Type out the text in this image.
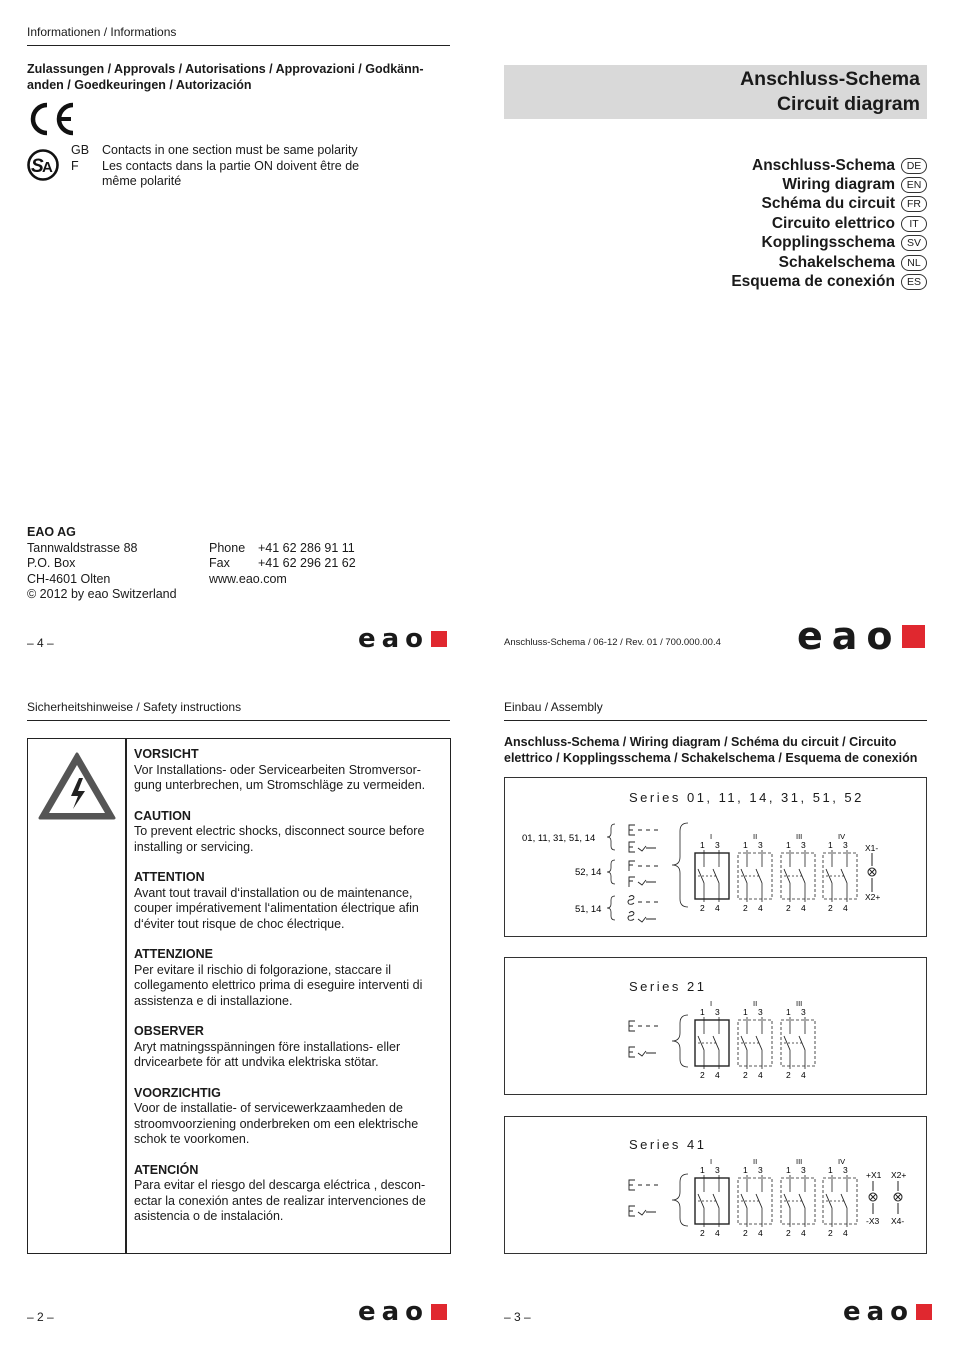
Informationen / Informations
Zulassungen / Approvals / Autorisations / Approvazioni / Godkänn-
anden / Goedkeuringen / Autorización
S
A
GB Contacts in one section must be same polarity
F Les contacts dans la partie ON doivent être de
même polarité
EAO AG
Tannwaldstrasse 88
P.O. Box
CH-4601 Olten
© 2012 by eao Switzerland
Phone	+41 62 286 91 11
Fax	+41 62 296 21 62
www.eao.com
– 4 –	eao
Anschluss-Schema
Circuit diagram
Anschluss-Schema	DE
Wiring diagram	EN
Schéma du circuit	FR
Circuito elettrico	IT
Kopplingsschema	SV
Schakelschema	NL
Esquema de conexión	ES
Anschluss-Schema / 06-12 / Rev. 01 / 700.000.00.4 eao
Sicherheitshinweise / Safety instructions
VORSICHT
Vor Installations- oder Servicearbeiten Stromversor-gung unterbrechen, um Stromschläge zu vermeiden.
CAUTION
To prevent electric shocks, disconnect source before installing or servicing.
ATTENTION
Avant tout travail d‘installation ou de maintenance, couper impérativement l‘alimentation électrique afin d‘éviter tout risque de choc électrique.
ATTENZIONE
Per evitare il rischio di folgorazione, staccare il collegamento elettrico prima di eseguire interventi di assistenza e di installazione.
OBSERVER
Aryt matningsspänningen före installations- eller drvicearbete för att undvika elektriska stötar.
VOORZICHTIG
Voor de installatie- of servicewerkzaamheden de stroomvoorziening onderbreken om een elektrische schok te voorkomen.
ATENCIÓN
Para evitar el riesgo del descarga eléctrica , descon-ectar la conexión antes de realizar intervenciones de asistencia o de instalación.
– 2 –	eao
Einbau / Assembly
Anschluss-Schema / Wiring diagram / Schéma du circuit / Circuito
elettrico / Kopplingsschema / Schakelschema / Esquema de conexión
Series 01, 11, 14, 31, 51, 52
01, 11, 31, 51, 14
52, 14
51, 14
I
1 3
2 4
II
1 3
2 4
III
1 3
2 4
IV
1 3
2 4
X1-
X2+
Series 21
I
1 3
2 4
II
1 3
2 4
III
1 3
2 4
Series 41
I
1 3
2 4
II
1 3
2 4
III
1 3
2 4
IV
1 3
2 4
+X1
-X3
X2+
X4-
– 3 –	eao
